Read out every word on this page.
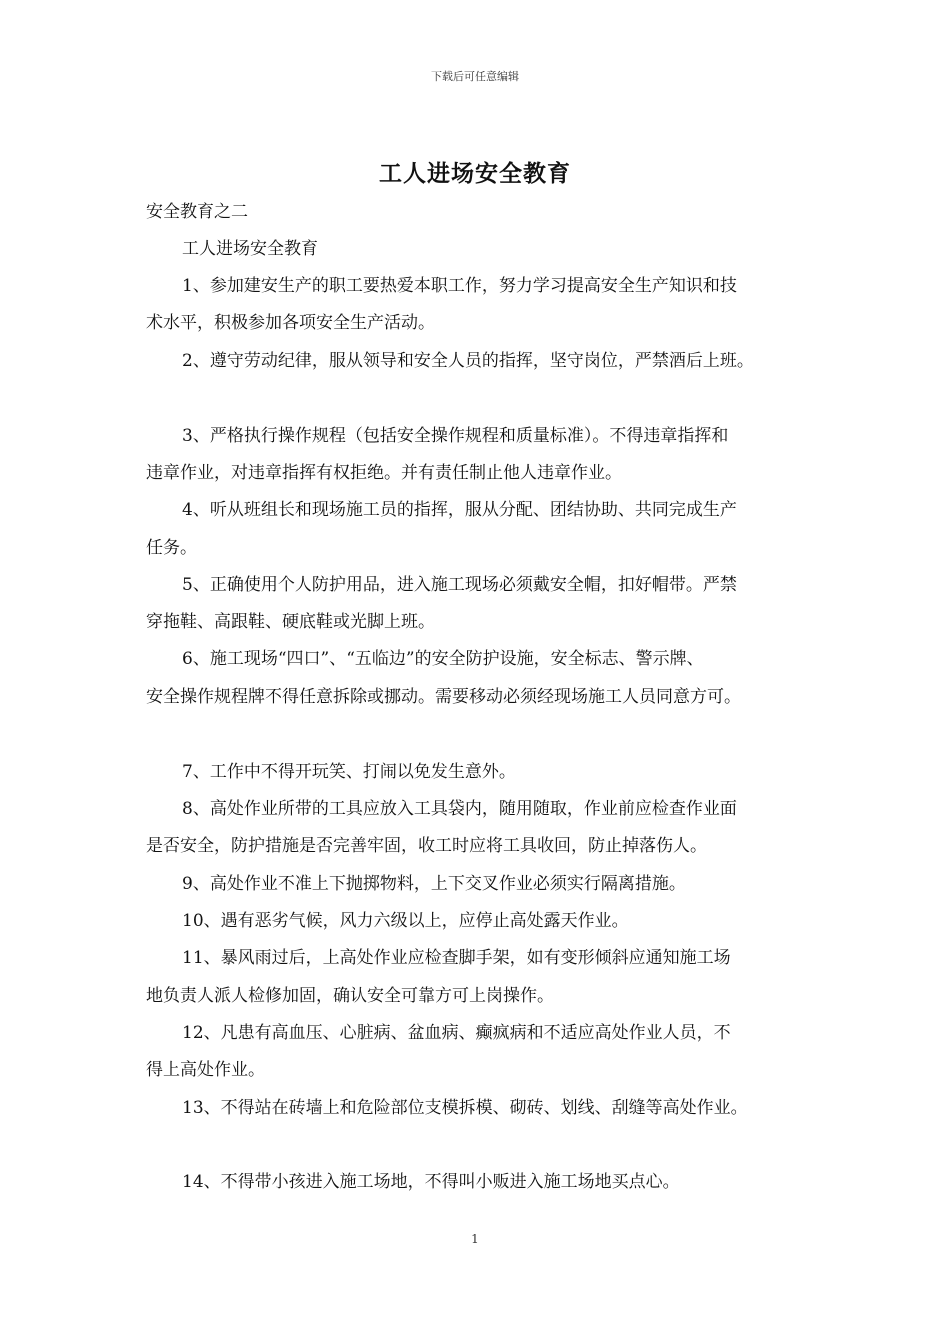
下载后可任意编辑
工人进场安全教育
安全教育之二
工人进场安全教育
1、参加建安生产的职工要热爱本职工作，努力学习提高安全生产知识和技
术水平，积极参加各项安全生产活动。
2、遵守劳动纪律，服从领导和安全人员的指挥，坚守岗位，严禁酒后上班。
3、严格执行操作规程（包括安全操作规程和质量标准）。不得违章指挥和
违章作业，对违章指挥有权拒绝。并有责任制止他人违章作业。
4、听从班组长和现场施工员的指挥，服从分配、团结协助、共同完成生产
任务。
5、正确使用个人防护用品，进入施工现场必须戴安全帽，扣好帽带。严禁
穿拖鞋、高跟鞋、硬底鞋或光脚上班。
6、施工现场“四口”、“五临边”的安全防护设施，安全标志、警示牌、
安全操作规程牌不得任意拆除或挪动。需要移动必须经现场施工人员同意方可。
7、工作中不得开玩笑、打闹以免发生意外。
8、高处作业所带的工具应放入工具袋内，随用随取，作业前应检查作业面
是否安全，防护措施是否完善牢固，收工时应将工具收回，防止掉落伤人。
9、高处作业不准上下抛掷物料，上下交叉作业必须实行隔离措施。
10、遇有恶劣气候，风力六级以上，应停止高处露天作业。
11、暴风雨过后，上高处作业应检查脚手架，如有变形倾斜应通知施工场
地负责人派人检修加固，确认安全可靠方可上岗操作。
12、凡患有高血压、心脏病、盆血病、癫疯病和不适应高处作业人员，不
得上高处作业。
13、不得站在砖墙上和危险部位支模拆模、砌砖、划线、刮缝等高处作业。
14、不得带小孩进入施工场地，不得叫小贩进入施工场地买点心。
1
